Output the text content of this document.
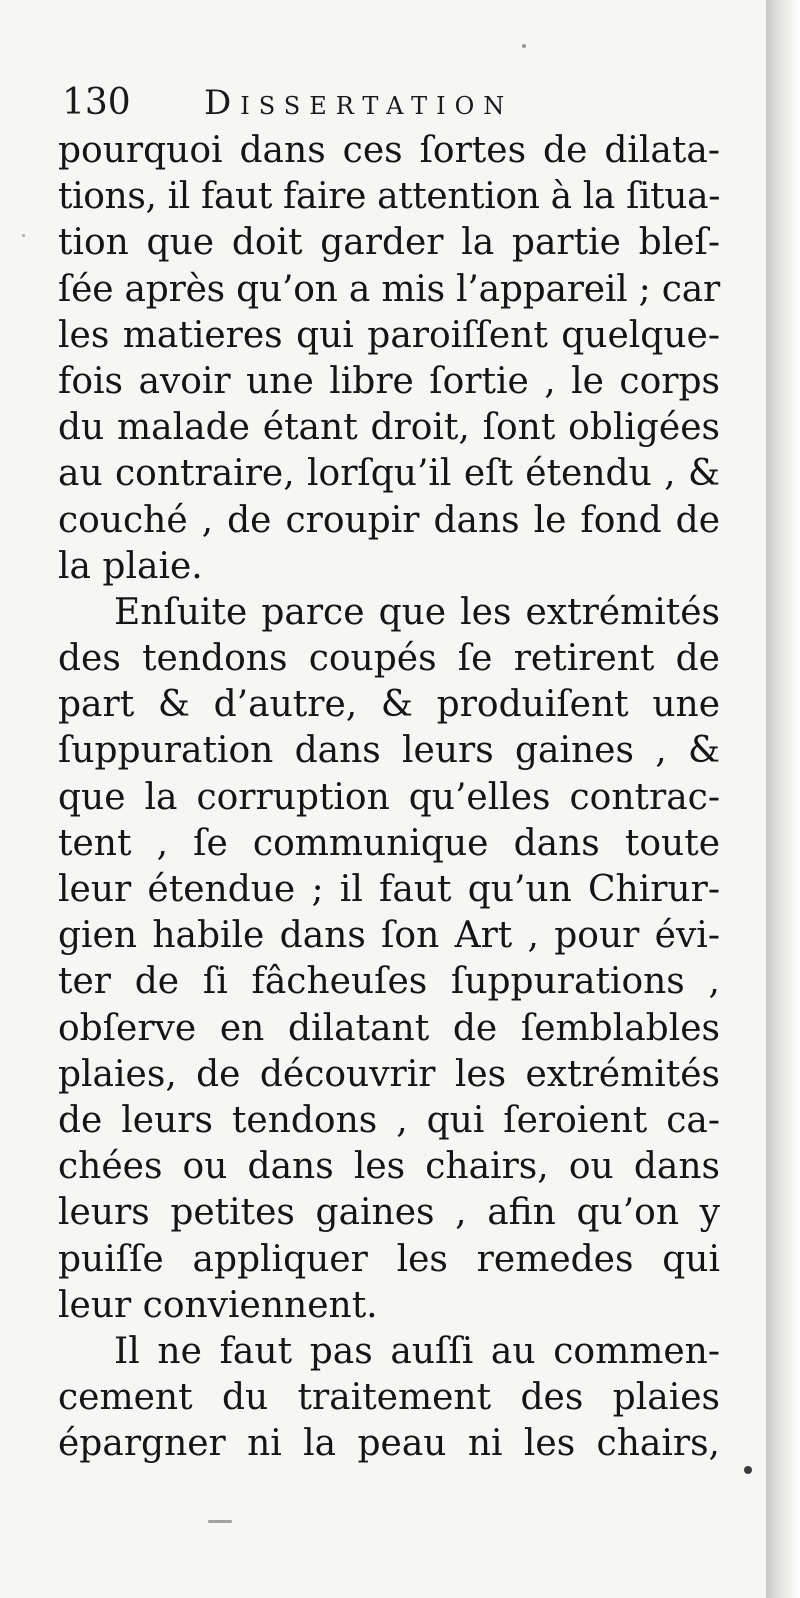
130 Dissertation
pourquoi dans ces ſortes de dilata-
tions, il faut faire attention à la ſitua-
tion que doit garder la partie bleſ-
ſée après qu’on a mis l’appareil ; car
les matieres qui paroiſſent quelque-
fois avoir une libre ſortie , le corps
du malade étant droit, ſont obligées
au contraire, lorſqu’il eſt étendu , &
couché , de croupir dans le fond de
la plaie.
Enſuite parce que les extrémités
des tendons coupés ſe retirent de
part & d’autre, & produiſent une
ſuppuration dans leurs gaines , &
que la corruption qu’elles contrac-
tent , ſe communique dans toute
leur étendue ; il faut qu’un Chirur-
gien habile dans ſon Art , pour évi-
ter de ſi fâcheuſes ſuppurations ,
obſerve en dilatant de ſemblables
plaies, de découvrir les extrémités
de leurs tendons , qui ſeroient ca-
chées ou dans les chairs, ou dans
leurs petites gaines , afin qu’on y
puiſſe appliquer les remedes qui
leur conviennent.
Il ne faut pas auſſi au commen-
cement du traitement des plaies
épargner ni la peau ni les chairs,
